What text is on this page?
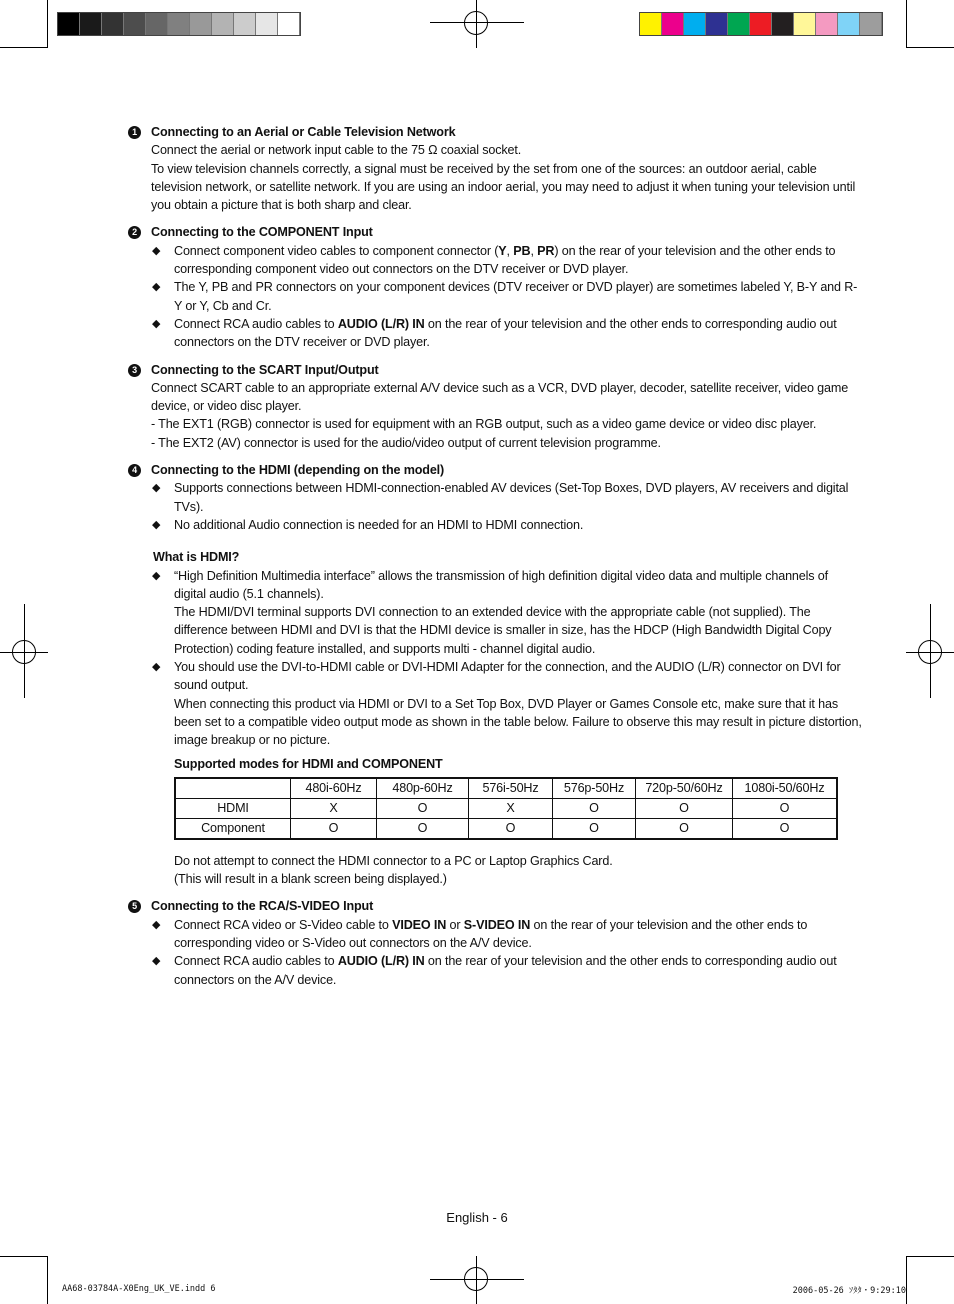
1	Connecting to an Aerial or Cable Television Network
Connect the aerial or network input cable to the 75 Ω coaxial socket.
To view television channels correctly, a signal must be received by the set from one of the sources: an outdoor aerial, cable television network, or satellite network. If you are using an indoor aerial, you may need to adjust it when tuning your television until you obtain a picture that is both sharp and clear.
2	Connecting to the COMPONENT Input
◆ Connect component video cables to component connector (Y, PB, PR) on the rear of your television and the other ends to corresponding component video out connectors on the DTV receiver or DVD player.
◆ The Y, PB and PR connectors on your component devices (DTV receiver or DVD player) are sometimes labeled Y, B-Y and R-Y or Y, Cb and Cr.
◆ Connect RCA audio cables to AUDIO (L/R) IN on the rear of your television and the other ends to corresponding audio out connectors on the DTV receiver or DVD player.
3	Connecting to the SCART Input/Output
Connect SCART cable to an appropriate external A/V device such as a VCR, DVD player, decoder, satellite receiver, video game device, or video disc player.
- The EXT1 (RGB) connector is used for equipment with an RGB output, such as a video game device or video disc player.
- The EXT2 (AV) connector is used for the audio/video output of current television programme.
4	Connecting to the HDMI (depending on the model)
◆ Supports connections between HDMI-connection-enabled AV devices (Set-Top Boxes, DVD players, AV receivers and digital TVs).
◆ No additional Audio connection is needed for an HDMI to HDMI connection.
What is HDMI?
◆ “High Definition Multimedia interface” allows the transmission of high definition digital video data and multiple channels of digital audio (5.1 channels).
The HDMI/DVI terminal supports DVI connection to an extended device with the appropriate cable (not supplied). The difference between HDMI and DVI is that the HDMI device is smaller in size, has the HDCP (High Bandwidth Digital Copy Protection) coding feature installed, and supports multi - channel digital audio.
◆ You should use the DVI-to-HDMI cable or DVI-HDMI Adapter for the connection, and the AUDIO (L/R) connector on DVI for sound output.
When connecting this product via HDMI or DVI to a Set Top Box, DVD Player or Games Console etc, make sure that it has been set to a compatible video output mode as shown in the table below. Failure to observe this may result in picture distortion, image breakup or no picture.
Supported modes for HDMI and COMPONENT
	480i-60Hz	480p-60Hz	576i-50Hz	576p-50Hz	720p-50/60Hz	1080i-50/60Hz
HDMI	X	O	X	O	O	O
Component	O	O	O	O	O	O
Do not attempt to connect the HDMI connector to a PC or Laptop Graphics Card.
(This will result in a blank screen being displayed.)
5	Connecting to the RCA/S-VIDEO Input
◆ Connect RCA video or S-Video cable to VIDEO IN or S-VIDEO IN on the rear of your television and the other ends to corresponding video or S-Video out connectors on the A/V device.
◆ Connect RCA audio cables to AUDIO (L/R) IN on the rear of your television and the other ends to corresponding audio out connectors on the A/V device.
English - 6
AA68-03784A-X0Eng_UK_VE.indd 6	2006-05-26 ｿﾀﾀ・9:29:10
